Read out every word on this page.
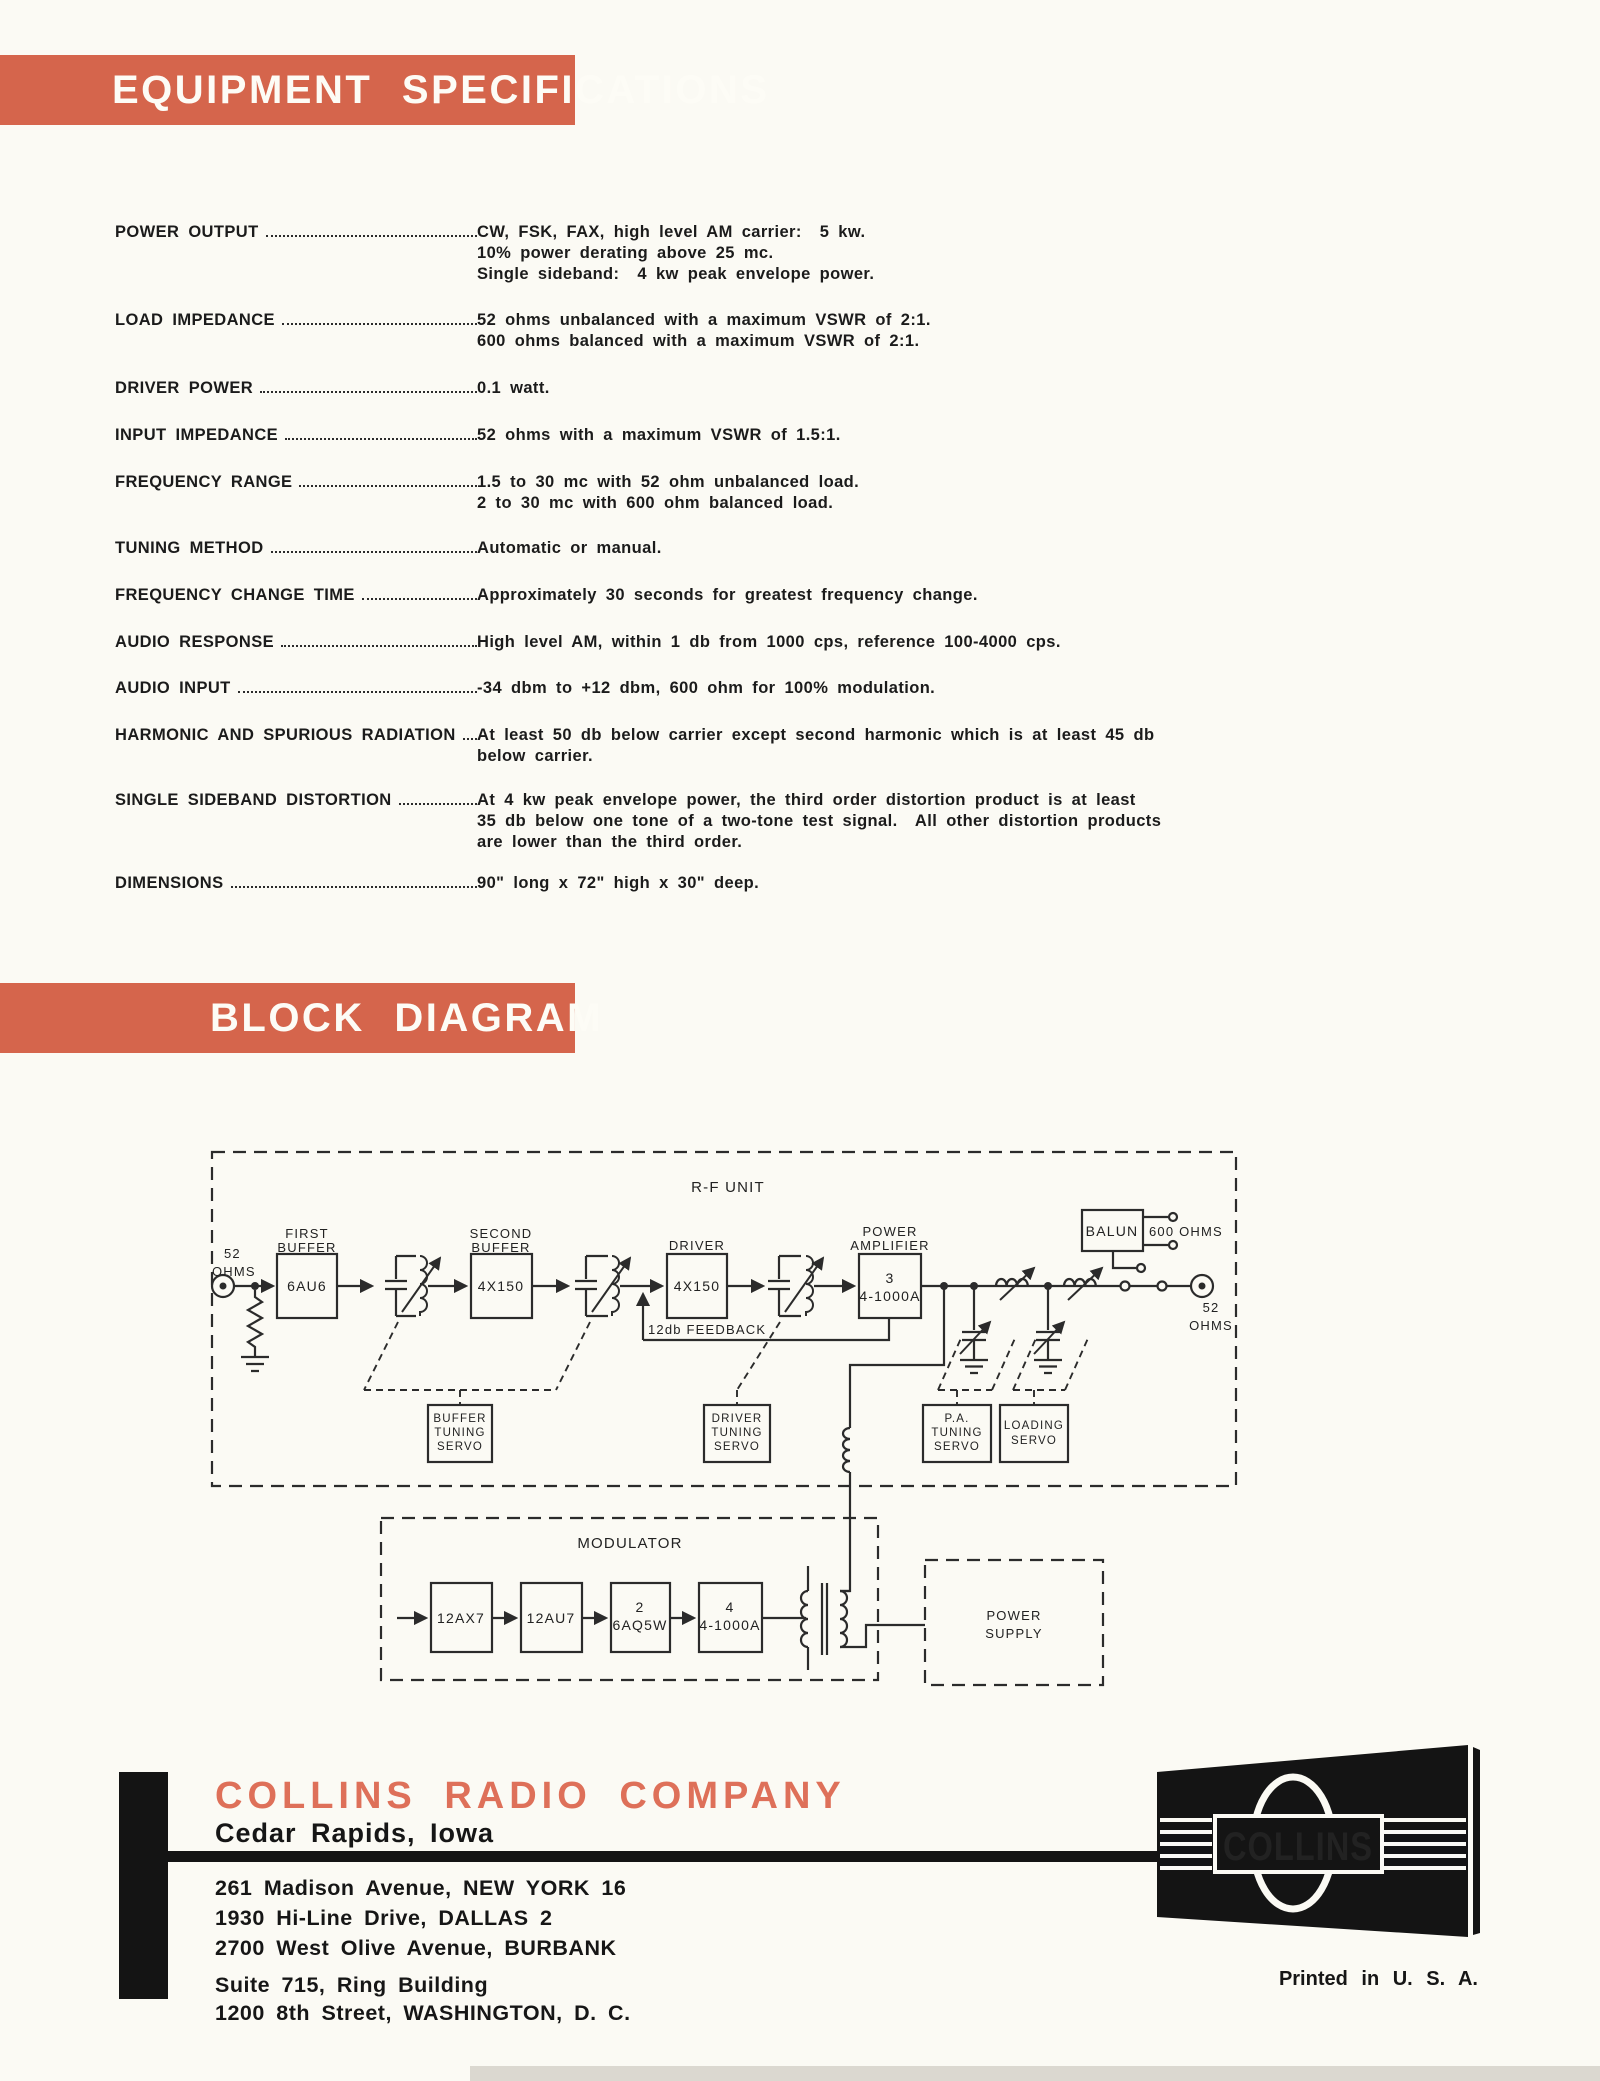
EQUIPMENT SPECIFICATIONS
POWER OUTPUT	CW, FSK, FAX, high level AM carrier:  5 kw.
10% power derating above 25 mc.
Single sideband:  4 kw peak envelope power.
LOAD IMPEDANCE	52 ohms unbalanced with a maximum VSWR of 2:1.
600 ohms balanced with a maximum VSWR of 2:1.
DRIVER POWER	0.1 watt.
INPUT IMPEDANCE	52 ohms with a maximum VSWR of 1.5:1.
FREQUENCY RANGE	1.5 to 30 mc with 52 ohm unbalanced load.
2 to 30 mc with 600 ohm balanced load.
TUNING METHOD	Automatic or manual.
FREQUENCY CHANGE TIME	Approximately 30 seconds for greatest frequency change.
AUDIO RESPONSE	High level AM, within 1 db from 1000 cps, reference 100-4000 cps.
AUDIO INPUT	-34 dbm to +12 dbm, 600 ohm for 100% modulation.
HARMONIC AND SPURIOUS RADIATION At least 50 db below carrier except second harmonic which is at least 45 db
below carrier.
SINGLE SIDEBAND DISTORTION	At 4 kw peak envelope power, the third order distortion product is at least
35 db below one tone of a two-tone test signal.  All other distortion products
are lower than the third order.
DIMENSIONS	90" long x 72" high x 30" deep.
BLOCK DIAGRAM
R-F UNIT
52
OHMS
FIRST
BUFFER
6AU6
SECOND
BUFFER
4X150
DRIVER
4X150
POWER
AMPLIFIER
3
4-1000A
12db FEEDBACK
BALUN 600 OHMS
52
OHMS
BUFFER
TUNING
SERVO
DRIVER
TUNING
SERVO
P.A.
TUNING
SERVO
LOADING
SERVO
MODULATOR
12AX7	12AU7
2
6AQ5W
4
4-1000A
POWER
SUPPLY
COLLINS RADIO COMPANY
Cedar Rapids, Iowa
261 Madison Avenue, NEW YORK 16
1930 Hi-Line Drive, DALLAS 2
2700 West Olive Avenue, BURBANK
Suite 715, Ring Building
1200 8th Street, WASHINGTON, D. C.
COLLINS
Printed in U. S. A.
